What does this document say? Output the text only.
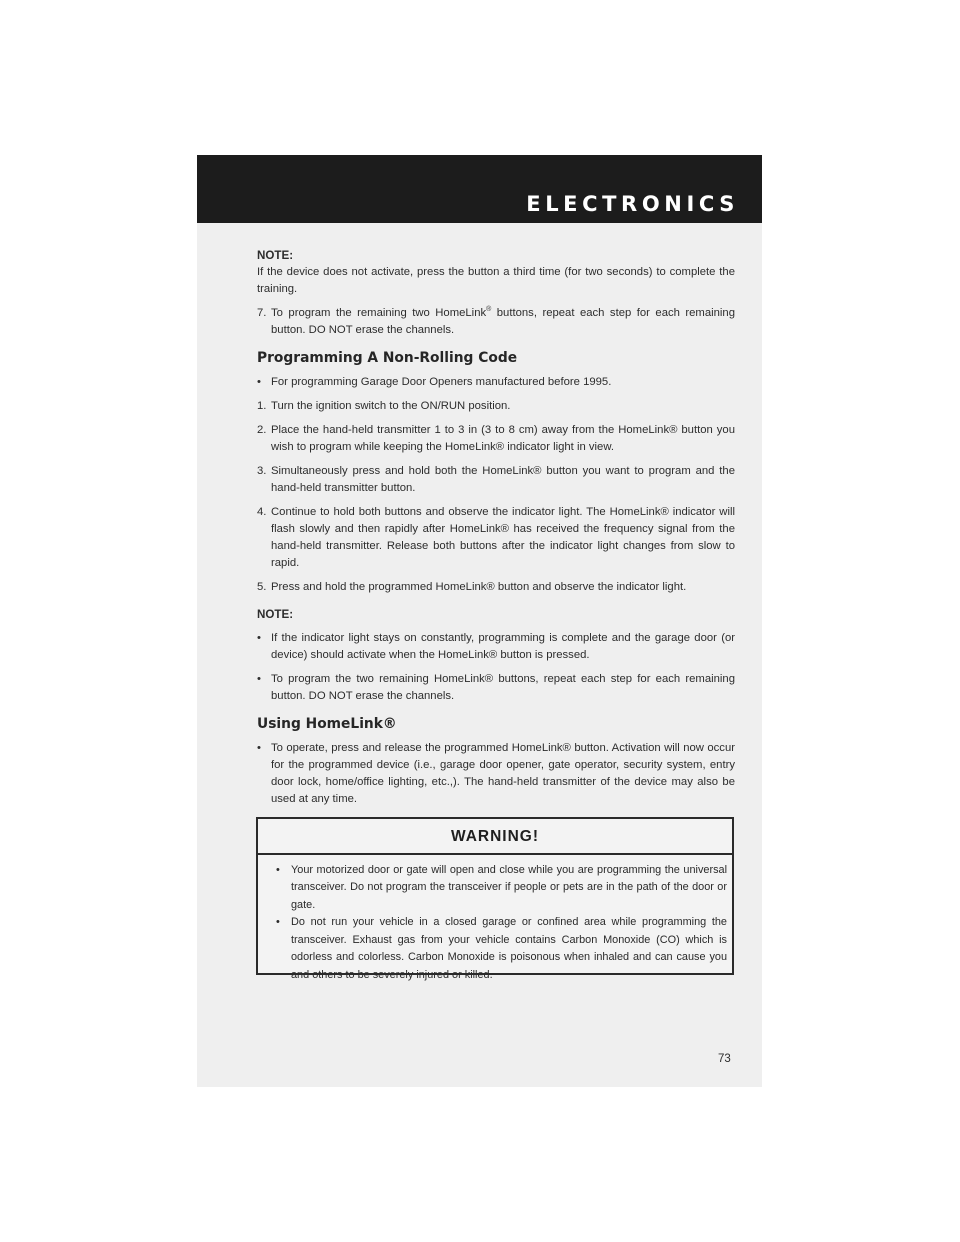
ELECTRONICS
NOTE:

If the device does not activate, press the button a third time (for two seconds) to complete the training.

7. To program the remaining two HomeLink® buttons, repeat each step for each remaining button. DO NOT erase the channels.
Programming A Non-Rolling Code
• For programming Garage Door Openers manufactured before 1995.
1. Turn the ignition switch to the ON/RUN position.
2. Place the hand-held transmitter 1 to 3 in (3 to 8 cm) away from the HomeLink® button you wish to program while keeping the HomeLink® indicator light in view.
3. Simultaneously press and hold both the HomeLink® button you want to program and the hand-held transmitter button.
4. Continue to hold both buttons and observe the indicator light. The HomeLink® indicator will flash slowly and then rapidly after HomeLink® has received the frequency signal from the hand-held transmitter. Release both buttons after the indicator light changes from slow to rapid.
5. Press and hold the programmed HomeLink® button and observe the indicator light.
NOTE:
• If the indicator light stays on constantly, programming is complete and the garage door (or device) should activate when the HomeLink® button is pressed.
• To program the two remaining HomeLink® buttons, repeat each step for each remaining button. DO NOT erase the channels.
Using HomeLink®
• To operate, press and release the programmed HomeLink® button. Activation will now occur for the programmed device (i.e., garage door opener, gate operator, security system, entry door lock, home/office lighting, etc.,). The hand-held transmitter of the device may also be used at any time.
WARNING!
• Your motorized door or gate will open and close while you are programming the universal transceiver. Do not program the transceiver if people or pets are in the path of the door or gate.
• Do not run your vehicle in a closed garage or confined area while programming the transceiver. Exhaust gas from your vehicle contains Carbon Monoxide (CO) which is odorless and colorless. Carbon Monoxide is poisonous when inhaled and can cause you and others to be severely injured or killed.
73
